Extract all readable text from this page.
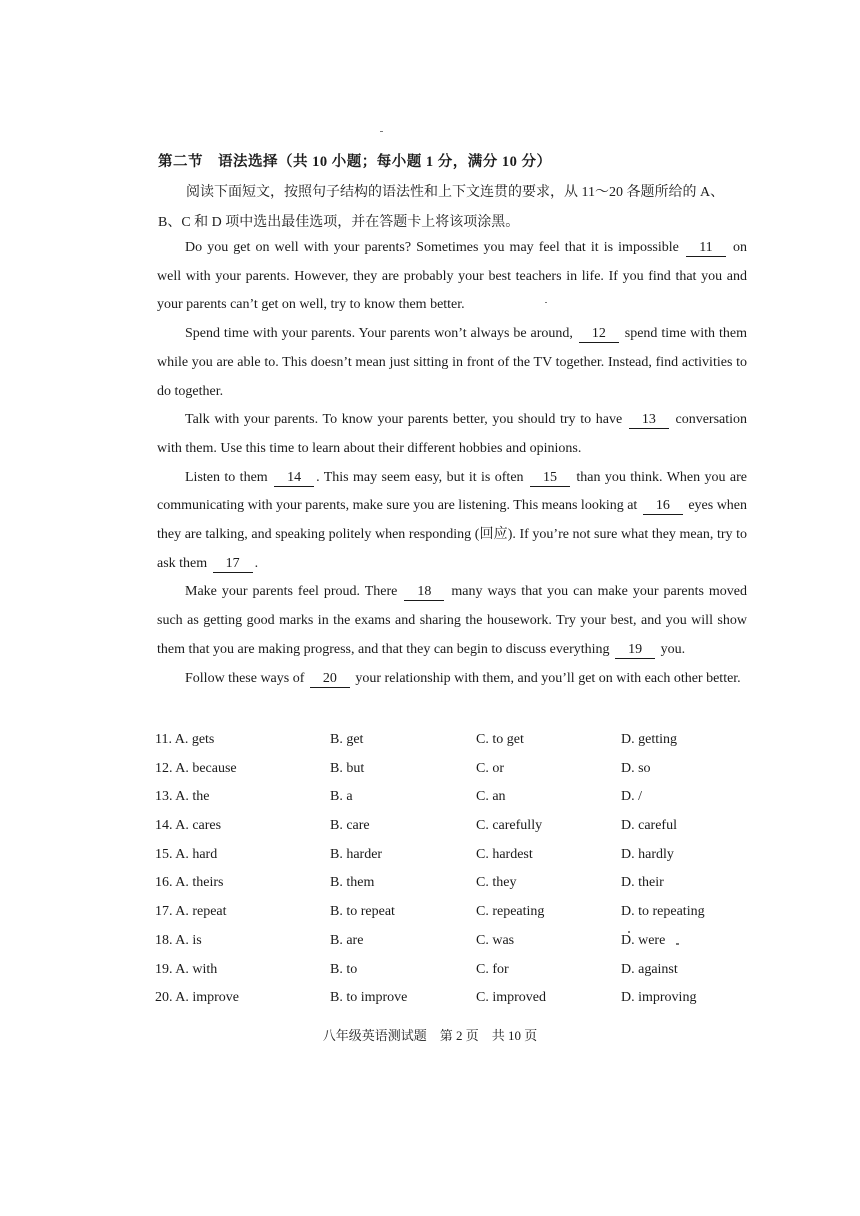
第二节　语法选择（共 10 小题；每小题 1 分，满分 10 分）
阅读下面短文，按照句子结构的语法性和上下文连贯的要求，从 11～20 各题所给的 A、
B、C 和 D 项中选出最佳选项，并在答题卡上将该项涂黑。

Do you get on well with your parents? Sometimes you may feel that it is impossible 11 on well with your parents. However, they are probably your best teachers in life. If you find that you and your parents can’t get on well, try to know them better.

Spend time with your parents. Your parents won’t always be around, 12 spend time with them while you are able to. This doesn’t mean just sitting in front of the TV together. Instead, find activities to do together.

Talk with your parents. To know your parents better, you should try to have 13 conversation with them. Use this time to learn about their different hobbies and opinions.

Listen to them 14 . This may seem easy, but it is often 15 than you think. When you are communicating with your parents, make sure you are listening. This means looking at 16 eyes when they are talking, and speaking politely when responding (回应). If you’re not sure what they mean, try to ask them 17 .

Make your parents feel proud. There 18 many ways that you can make your parents moved such as getting good marks in the exams and sharing the housework. Try your best, and you will show them that you are making progress, and that they can begin to discuss everything 19 you.

Follow these ways of 20 your relationship with them, and you’ll get on with each other better.

11. A. gets	B. get	C. to get	D. getting
12. A. because	B. but	C. or	D. so
13. A. the	B. a	C. an	D. /
14. A. cares	B. care	C. carefully	D. careful
15. A. hard	B. harder	C. hardest	D. hardly
16. A. theirs	B. them	C. they	D. their
17. A. repeat	B. to repeat	C. repeating	D. to repeating
18. A. is	B. are	C. was	D. were
19. A. with	B. to	C. for	D. against
20. A. improve	B. to improve	C. improved	D. improving
八年级英语测试题　第 2 页　共 10 页
